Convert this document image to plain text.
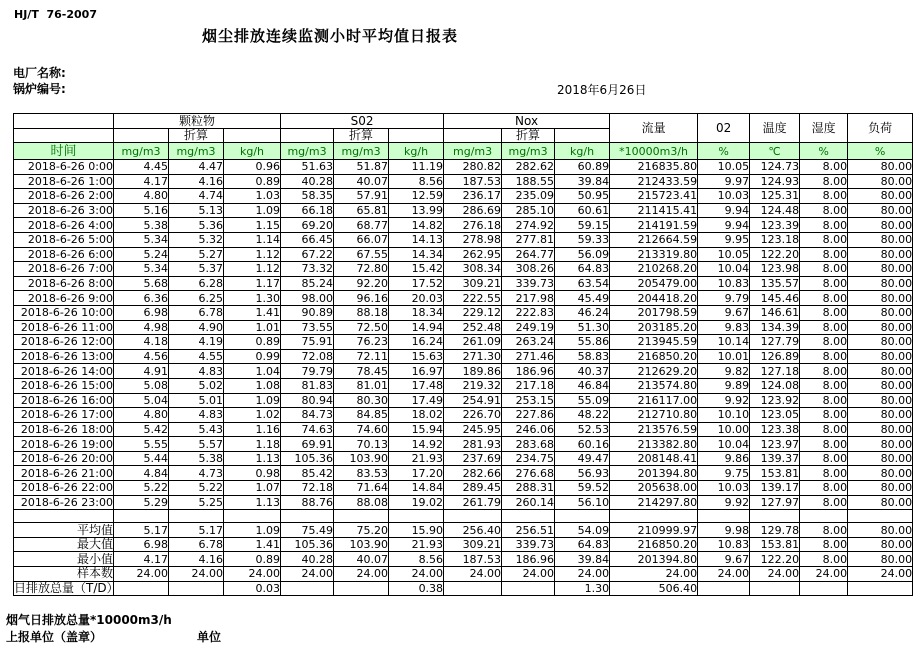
HJ/T  76-2007
烟尘排放连续监测小时平均值日报表
电厂名称:
锅炉编号:	2018年6月26日
	颗粒物			S02			Nox			流量	02	温度	湿度	负荷
		折算			折算			折算						
时间	mg/m3	mg/m3	kg/h	mg/m3	mg/m3	kg/h	mg/m3	mg/m3	kg/h	*10000m3/h	%	℃	%	%
2018-6-26 0:00	4.45	4.47	0.96	51.63	51.87	11.19	280.82	282.62	60.89	216835.80	10.05	124.73	8.00	80.00
2018-6-26 1:00	4.17	4.16	0.89	40.28	40.07	8.56	187.53	188.55	39.84	212433.59	9.97	124.93	8.00	80.00
2018-6-26 2:00	4.80	4.74	1.03	58.35	57.91	12.59	236.17	235.09	50.95	215723.41	10.03	125.31	8.00	80.00
2018-6-26 3:00	5.16	5.13	1.09	66.18	65.81	13.99	286.69	285.10	60.61	211415.41	9.94	124.48	8.00	80.00
2018-6-26 4:00	5.38	5.36	1.15	69.20	68.77	14.82	276.18	274.92	59.15	214191.59	9.94	123.39	8.00	80.00
2018-6-26 5:00	5.34	5.32	1.14	66.45	66.07	14.13	278.98	277.81	59.33	212664.59	9.95	123.18	8.00	80.00
2018-6-26 6:00	5.24	5.27	1.12	67.22	67.55	14.34	262.95	264.77	56.09	213319.80	10.05	122.20	8.00	80.00
2018-6-26 7:00	5.34	5.37	1.12	73.32	72.80	15.42	308.34	308.26	64.83	210268.20	10.04	123.98	8.00	80.00
2018-6-26 8:00	5.68	6.28	1.17	85.24	92.20	17.52	309.21	339.73	63.54	205479.00	10.83	135.57	8.00	80.00
2018-6-26 9:00	6.36	6.25	1.30	98.00	96.16	20.03	222.55	217.98	45.49	204418.20	9.79	145.46	8.00	80.00
2018-6-26 10:00	6.98	6.78	1.41	90.89	88.18	18.34	229.12	222.83	46.24	201798.59	9.67	146.61	8.00	80.00
2018-6-26 11:00	4.98	4.90	1.01	73.55	72.50	14.94	252.48	249.19	51.30	203185.20	9.83	134.39	8.00	80.00
2018-6-26 12:00	4.18	4.19	0.89	75.91	76.23	16.24	261.09	263.24	55.86	213945.59	10.14	127.79	8.00	80.00
2018-6-26 13:00	4.56	4.55	0.99	72.08	72.11	15.63	271.30	271.46	58.83	216850.20	10.01	126.89	8.00	80.00
2018-6-26 14:00	4.91	4.83	1.04	79.79	78.45	16.97	189.86	186.96	40.37	212629.20	9.82	127.18	8.00	80.00
2018-6-26 15:00	5.08	5.02	1.08	81.83	81.01	17.48	219.32	217.18	46.84	213574.80	9.89	124.08	8.00	80.00
2018-6-26 16:00	5.04	5.01	1.09	80.94	80.30	17.49	254.91	253.15	55.09	216117.00	9.92	123.92	8.00	80.00
2018-6-26 17:00	4.80	4.83	1.02	84.73	84.85	18.02	226.70	227.86	48.22	212710.80	10.10	123.05	8.00	80.00
2018-6-26 18:00	5.42	5.43	1.16	74.63	74.60	15.94	245.95	246.06	52.53	213576.59	10.00	123.38	8.00	80.00
2018-6-26 19:00	5.55	5.57	1.18	69.91	70.13	14.92	281.93	283.68	60.16	213382.80	10.04	123.97	8.00	80.00
2018-6-26 20:00	5.44	5.38	1.13	105.36	103.90	21.93	237.69	234.75	49.47	208148.41	9.86	139.37	8.00	80.00
2018-6-26 21:00	4.84	4.73	0.98	85.42	83.53	17.20	282.66	276.68	56.93	201394.80	9.75	153.81	8.00	80.00
2018-6-26 22:00	5.22	5.22	1.07	72.18	71.64	14.84	289.45	288.31	59.52	205638.00	10.03	139.17	8.00	80.00
2018-6-26 23:00	5.29	5.25	1.13	88.76	88.08	19.02	261.79	260.14	56.10	214297.80	9.92	127.97	8.00	80.00

平均值	5.17	5.17	1.09	75.49	75.20	15.90	256.40	256.51	54.09	210999.97	9.98	129.78	8.00	80.00
最大值	6.98	6.78	1.41	105.36	103.90	21.93	309.21	339.73	64.83	216850.20	10.83	153.81	8.00	80.00
最小值	4.17	4.16	0.89	40.28	40.07	8.56	187.53	186.96	39.84	201394.80	9.67	122.20	8.00	80.00
样本数	24.00	24.00	24.00	24.00	24.00	24.00	24.00	24.00	24.00	24.00	24.00	24.00	24.00	24.00
日排放总量（T/D）			0.03			0.38			1.30	506.40				
烟气日排放总量*10000m3/h
上报单位（盖章）	单位
